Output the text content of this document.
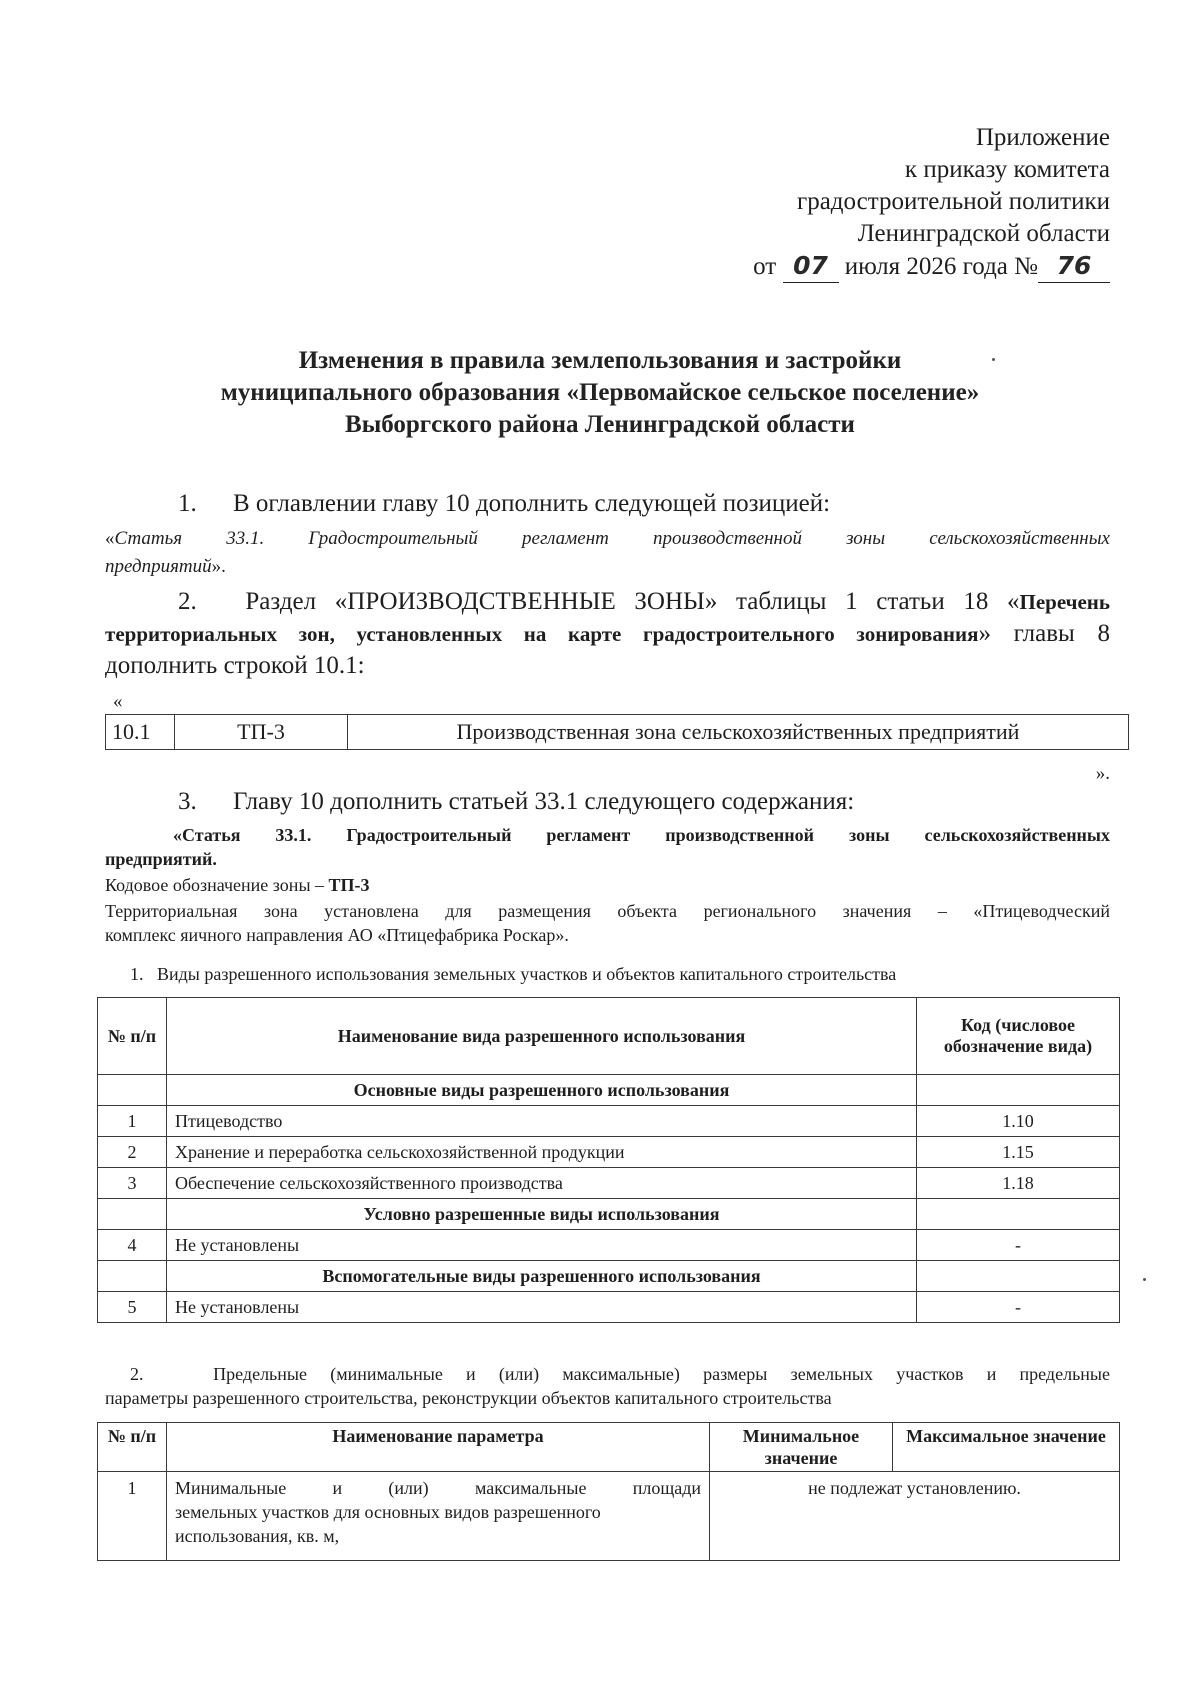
Приложение
к приказу комитета
градостроительной политики
Ленинградской области
от 07 июля 2026 года № 76
Изменения в правила землепользования и застройки
муниципального образования «Первомайское сельское поселение»
Выборгского района Ленинградской области
1. В оглавлении главу 10 дополнить следующей позицией:
«Статья 33.1. Градостроительный регламент производственной зоны сельскохозяйственных
предприятий».
2. Раздел «ПРОИЗВОДСТВЕННЫЕ ЗОНЫ» таблицы 1 статьи 18 «Перечень
территориальных зон, установленных на карте градостроительного зонирования» главы 8
дополнить строкой 10.1:
«
10.1	ТП-3	Производственная зона сельскохозяйственных предприятий
».
3. Главу 10 дополнить статьей 33.1 следующего содержания:
«Статья 33.1. Градостроительный регламент производственной зоны сельскохозяйственных
предприятий.
Кодовое обозначение зоны – ТП-3
Территориальная зона установлена для размещения объекта регионального значения – «Птицеводческий
комплекс яичного направления АО «Птицефабрика Роскар».
1.   Виды разрешенного использования земельных участков и объектов капитального строительства
№ п/п	Наименование вида разрешенного использования	Код (числовое обозначение вида)
	Основные виды разрешенного использования	
1	Птицеводство	1.10
2	Хранение и переработка сельскохозяйственной продукции	1.15
3	Обеспечение сельскохозяйственного производства	1.18
	Условно разрешенные виды использования	
4	Не установлены	-
	Вспомогательные виды разрешенного использования	
5	Не установлены	-
2.   Предельные (минимальные и (или) максимальные) размеры земельных участков и предельные
параметры разрешенного строительства, реконструкции объектов капитального строительства
№ п/п	Наименование параметра	Минимальное значение	Максимальное значение
1	Минимальные и (или) максимальные площади
земельных участков для основных видов разрешенного
использования, кв. м,	не подлежат установлению.	
